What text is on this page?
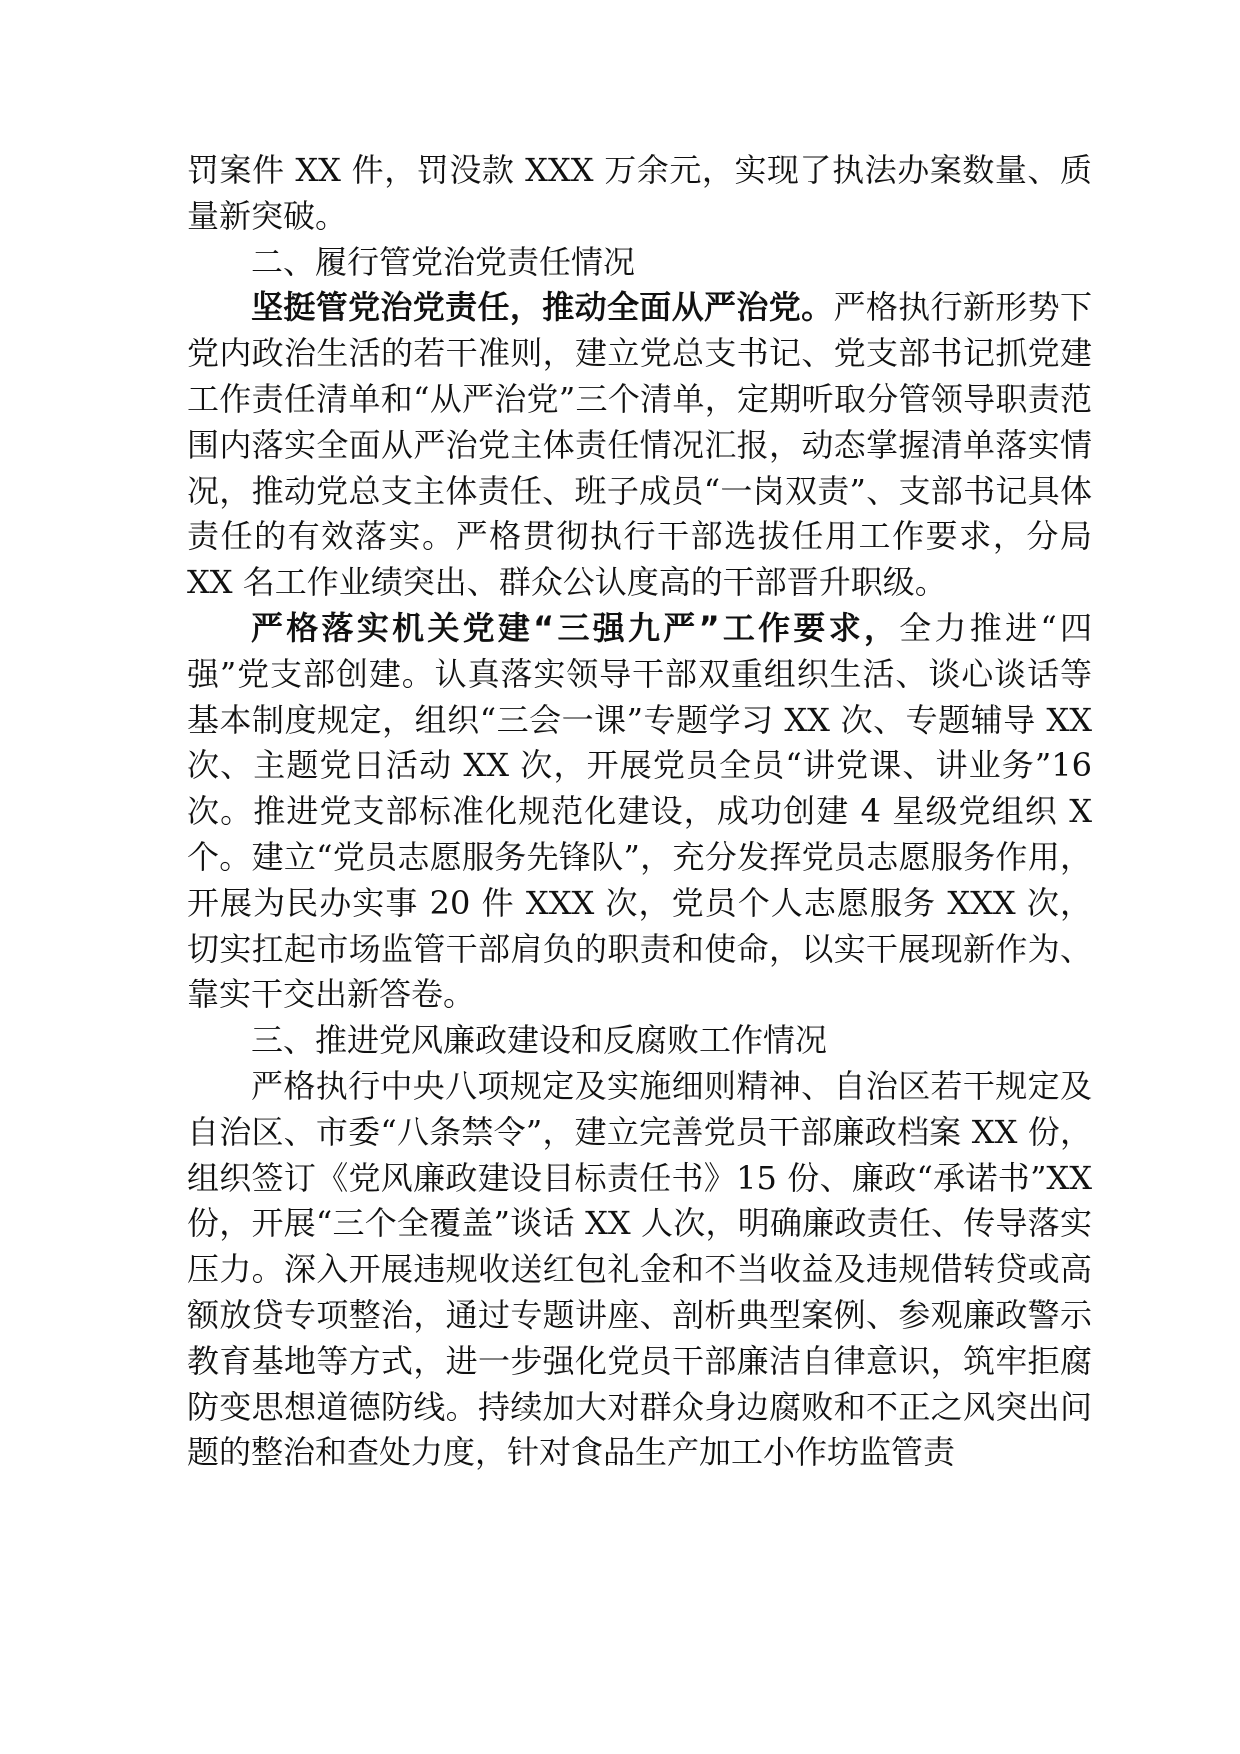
罚案件 XX 件，罚没款 XXX 万余元，实现了执法办案数量、质量新突破。

二、履行管党治党责任情况

坚挺管党治党责任，推动全面从严治党。严格执行新形势下党内政治生活的若干准则，建立党总支书记、党支部书记抓党建工作责任清单和“从严治党”三个清单，定期听取分管领导职责范围内落实全面从严治党主体责任情况汇报，动态掌握清单落实情况，推动党总支主体责任、班子成员“一岗双责”、支部书记具体责任的有效落实。严格贯彻执行干部选拔任用工作要求，分局 XX 名工作业绩突出、群众公认度高的干部晋升职级。

严格落实机关党建“三强九严”工作要求，全力推进“四强”党支部创建。认真落实领导干部双重组织生活、谈心谈话等基本制度规定，组织“三会一课”专题学习 XX 次、专题辅导 XX 次、主题党日活动 XX 次，开展党员全员“讲党课、讲业务”16 次。推进党支部标准化规范化建设，成功创建 4 星级党组织 X 个。建立“党员志愿服务先锋队”，充分发挥党员志愿服务作用，开展为民办实事 20 件 XXX 次，党员个人志愿服务 XXX 次，切实扛起市场监管干部肩负的职责和使命，以实干展现新作为、靠实干交出新答卷。

三、推进党风廉政建设和反腐败工作情况

严格执行中央八项规定及实施细则精神、自治区若干规定及自治区、市委“八条禁令”，建立完善党员干部廉政档案 XX 份，组织签订《党风廉政建设目标责任书》15 份、廉政“承诺书”XX 份，开展“三个全覆盖”谈话 XX 人次，明确廉政责任、传导落实压力。深入开展违规收送红包礼金和不当收益及违规借转贷或高额放贷专项整治，通过专题讲座、剖析典型案例、参观廉政警示教育基地等方式，进一步强化党员干部廉洁自律意识，筑牢拒腐防变思想道德防线。持续加大对群众身边腐败和不正之风突出问题的整治和查处力度，针对食品生产加工小作坊监管责
